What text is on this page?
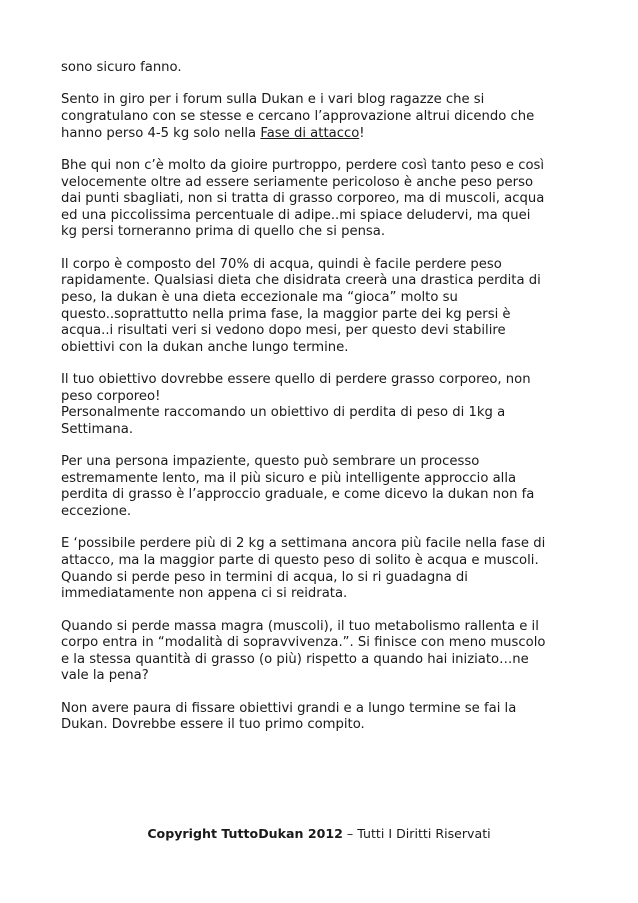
sono sicuro fanno.

Sento in giro per i forum sulla Dukan e i vari blog ragazze che si
congratulano con se stesse e cercano l’approvazione altrui dicendo che
hanno perso 4-5 kg solo nella Fase di attacco!

Bhe qui non c’è molto da gioire purtroppo, perdere così tanto peso e così
velocemente oltre ad essere seriamente pericoloso è anche peso perso
dai punti sbagliati, non si tratta di grasso corporeo, ma di muscoli, acqua
ed una piccolissima percentuale di adipe..mi spiace deludervi, ma quei
kg persi torneranno prima di quello che si pensa.

Il corpo è composto del 70% di acqua, quindi è facile perdere peso
rapidamente. Qualsiasi dieta che disidrata creerà una drastica perdita di
peso, la dukan è una dieta eccezionale ma “gioca” molto su
questo..soprattutto nella prima fase, la maggior parte dei kg persi è
acqua..i risultati veri si vedono dopo mesi, per questo devi stabilire
obiettivi con la dukan anche lungo termine.

Il tuo obiettivo dovrebbe essere quello di perdere grasso corporeo, non
peso corporeo!
Personalmente raccomando un obiettivo di perdita di peso di 1kg a
Settimana.

Per una persona impaziente, questo può sembrare un processo
estremamente lento, ma il più sicuro e più intelligente approccio alla
perdita di grasso è l’approccio graduale, e come dicevo la dukan non fa
eccezione.

E ‘possibile perdere più di 2 kg a settimana ancora più facile nella fase di
attacco, ma la maggior parte di questo peso di solito è acqua e muscoli.
Quando si perde peso in termini di acqua, lo si ri guadagna di
immediatamente non appena ci si reidrata.

Quando si perde massa magra (muscoli), il tuo metabolismo rallenta e il
corpo entra in “modalità di sopravvivenza.”. Si finisce con meno muscolo
e la stessa quantità di grasso (o più) rispetto a quando hai iniziato…ne
vale la pena?

Non avere paura di fissare obiettivi grandi e a lungo termine se fai la
Dukan. Dovrebbe essere il tuo primo compito.

Copyright TuttoDukan 2012 – Tutti I Diritti Riservati
